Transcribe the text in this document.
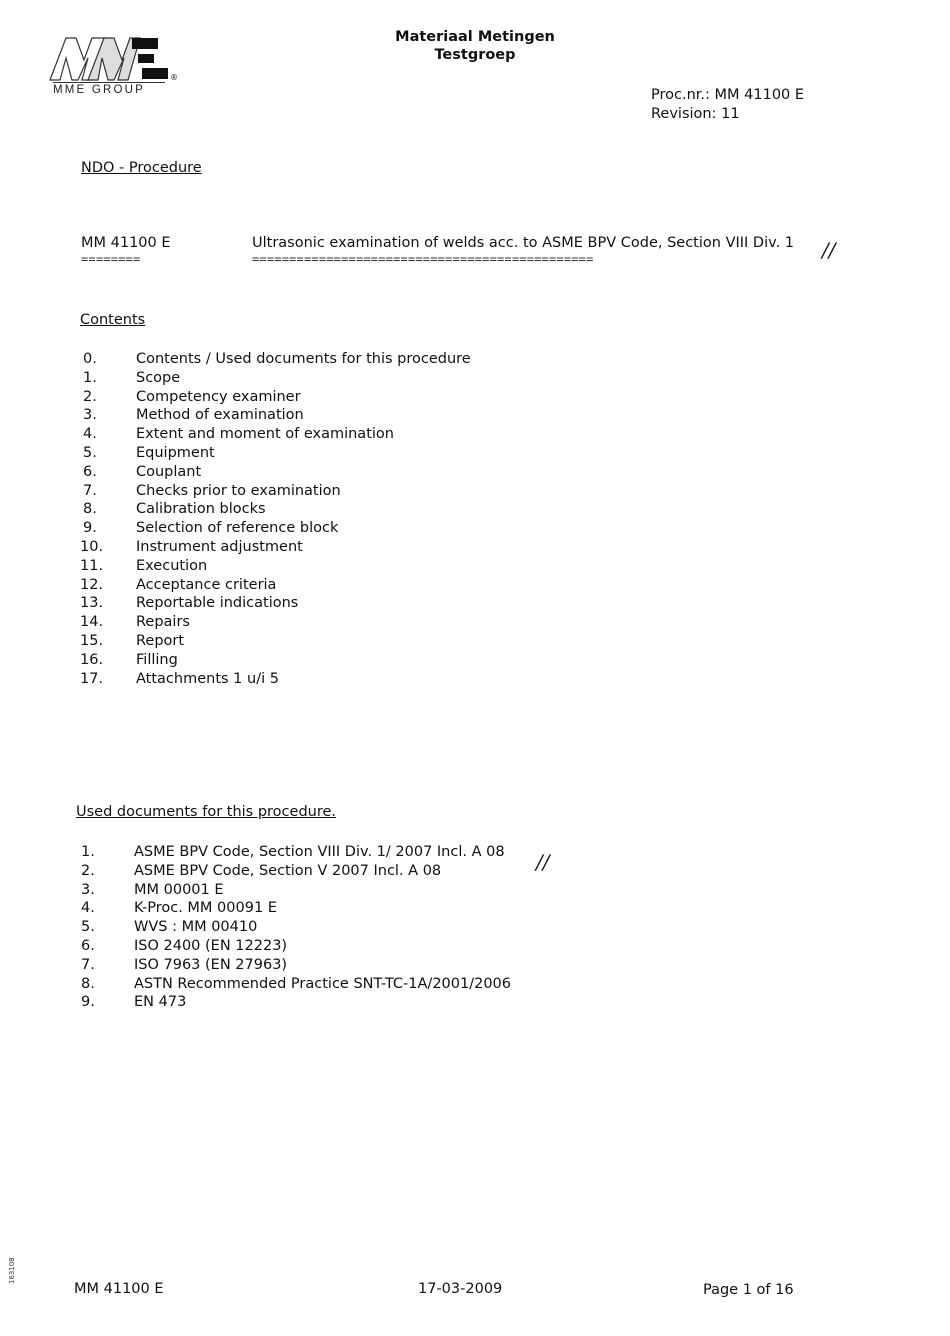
®
MME GROUP
Materiaal Metingen
Testgroep
Proc.nr.: MM 41100 E
Revision: 11
NDO - Procedure
MM 41100 E
========
Ultrasonic examination of welds acc. to ASME BPV Code, Section VIII Div. 1
==============================================	//
Contents
0.	Contents / Used documents for this procedure
1.	Scope
2.	Competency examiner
3.	Method of examination
4.	Extent and moment of examination
5.	Equipment
6.	Couplant
7.	Checks prior to examination
8.	Calibration blocks
9.	Selection of reference block
10.	Instrument adjustment
11.	Execution
12.	Acceptance criteria
13.	Reportable indications
14.	Repairs
15.	Report
16.	Filling
17.	Attachments 1 u/i 5
Used documents for this procedure.
1.	ASME BPV Code, Section VIII Div. 1/ 2007 Incl. A 08
2.	ASME BPV Code, Section V 2007 Incl. A 08
3.	MM 00001 E
4.	K-Proc. MM 00091 E
5.	WVS : MM 00410
6.	ISO 2400 (EN 12223)
7.	ISO 7963 (EN 27963)
8.	ASTN Recommended Practice SNT-TC-1A/2001/2006
9.	EN 473
//
163108
MM 41100 E	17-03-2009	Page 1 of 16
